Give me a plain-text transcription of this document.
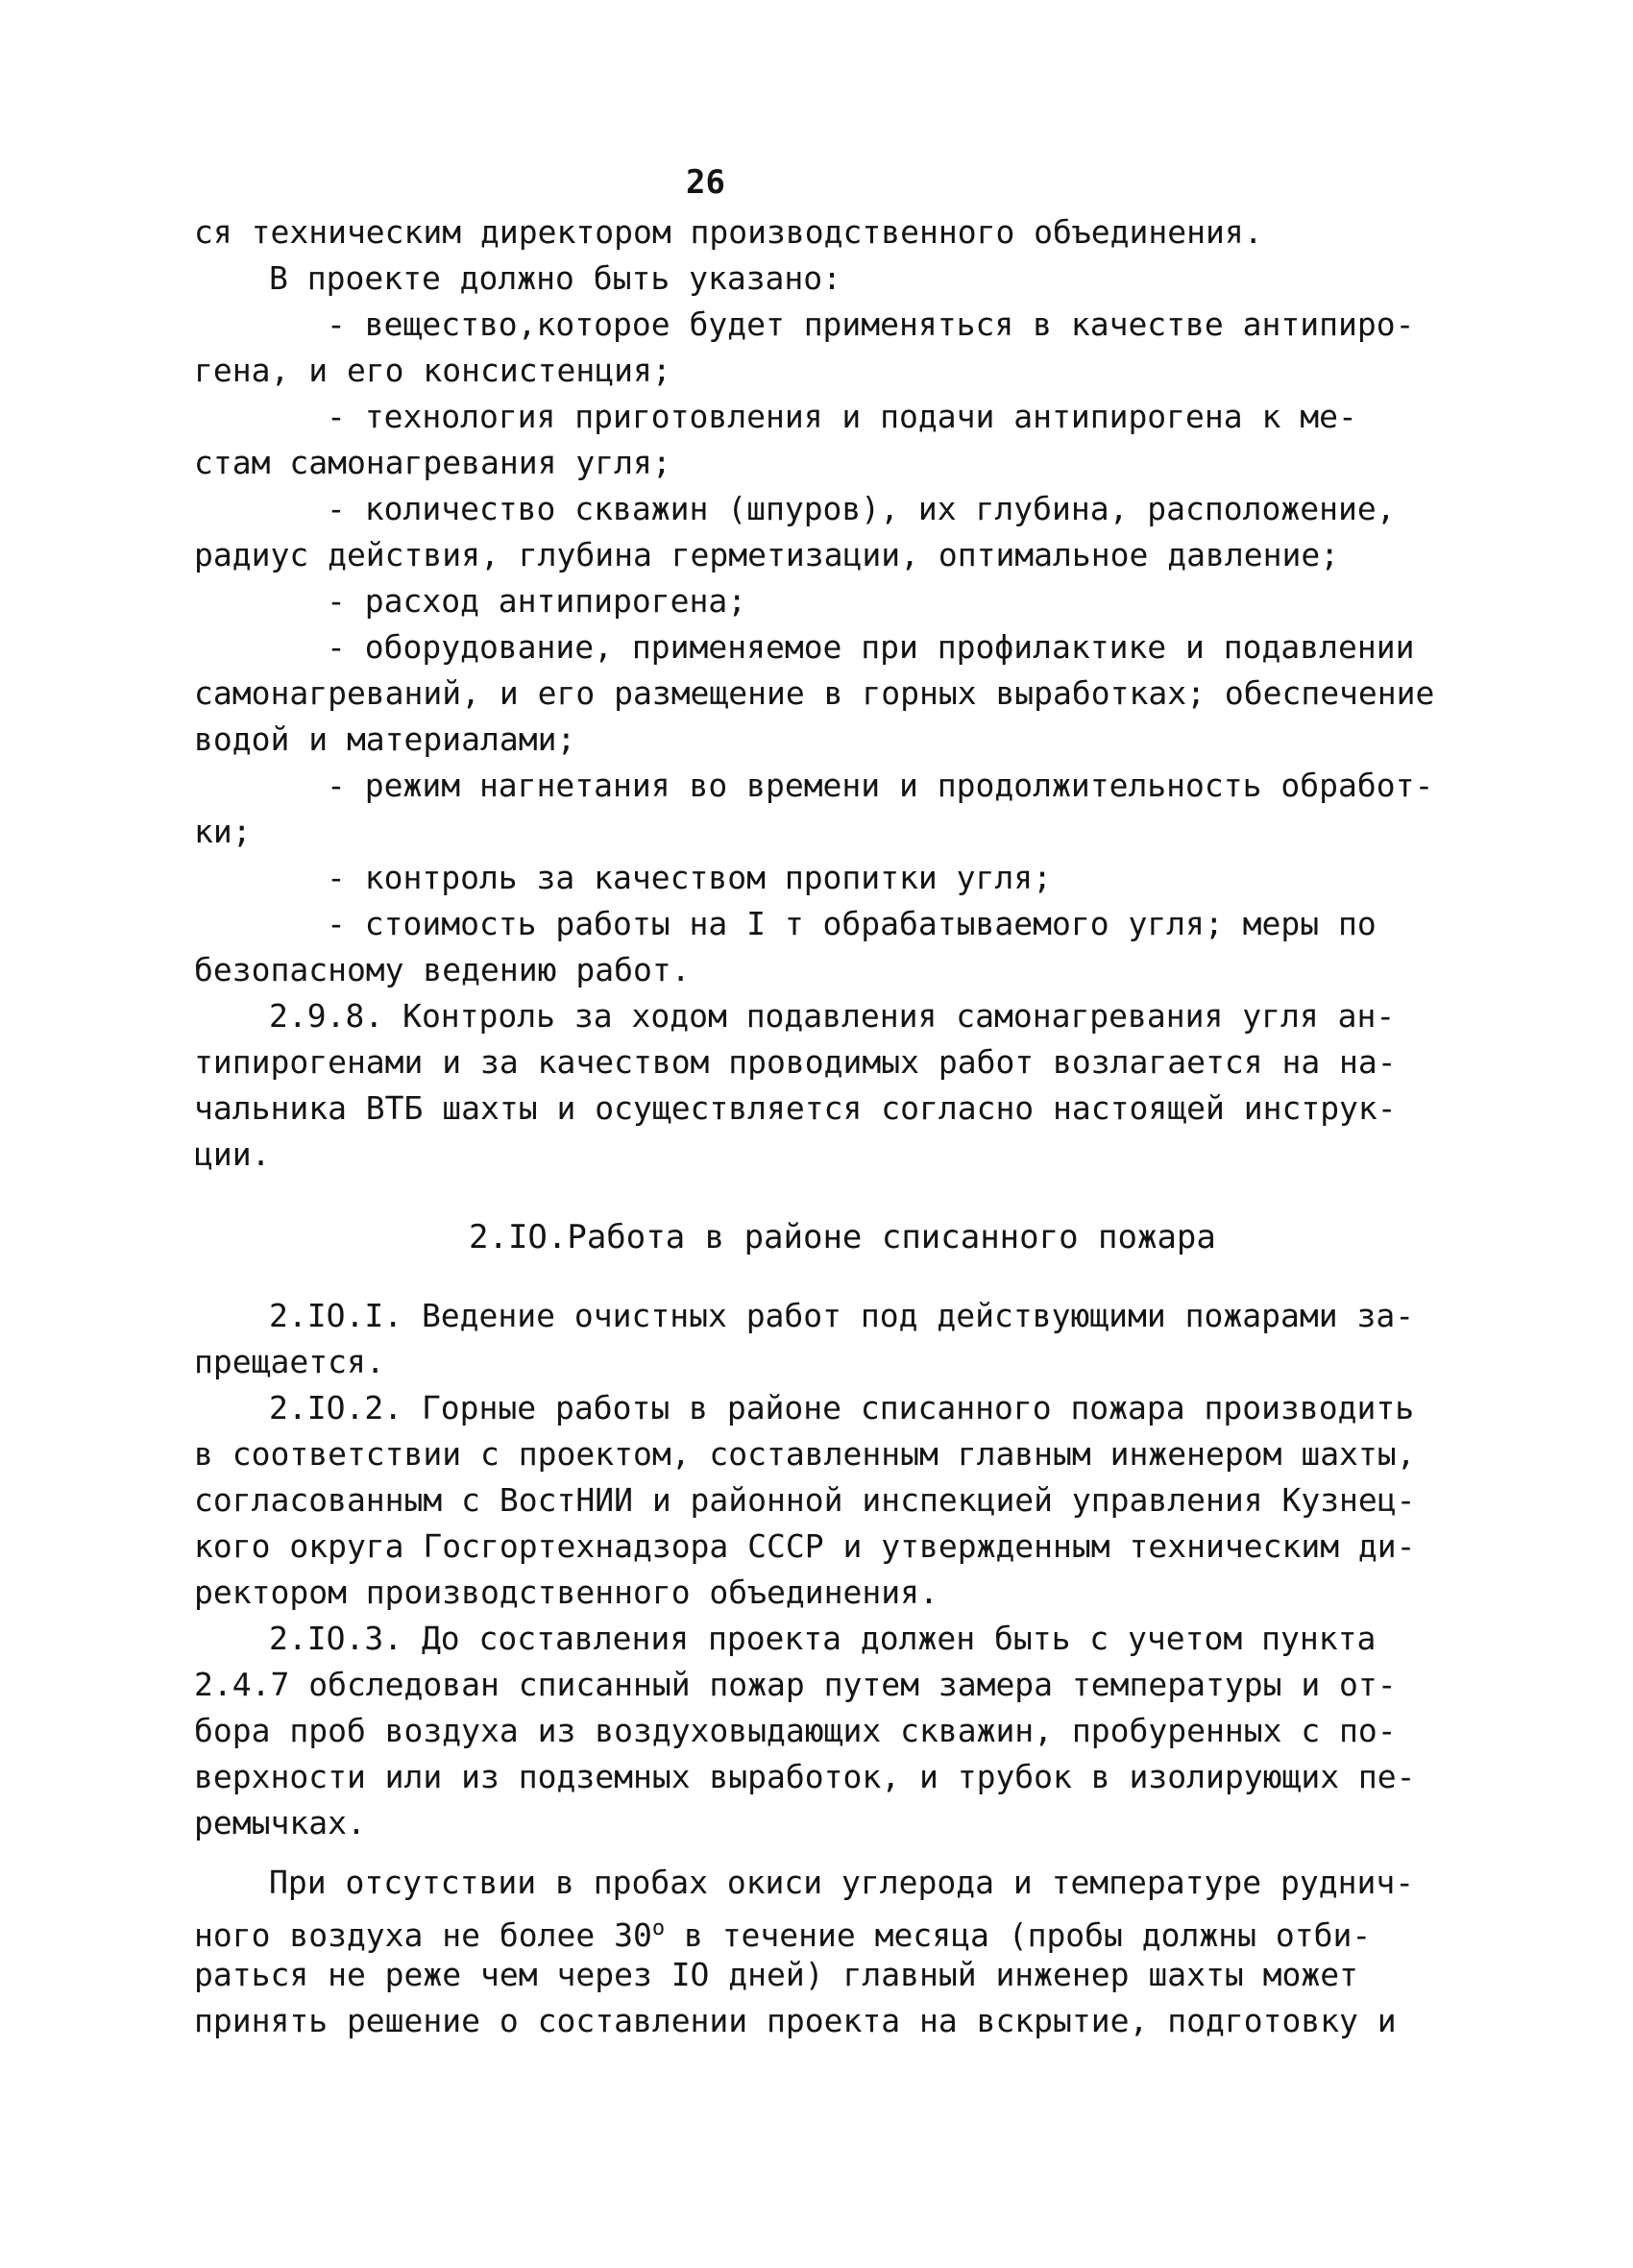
26
ся техническим директором производственного объединения.
В проекте должно быть указано:
- вещество,которое будет применяться в качестве антипиро-
гена, и его консистенция;
- технология приготовления и подачи антипирогена к ме-
стам самонагревания угля;
- количество скважин (шпуров), их глубина, расположение,
радиус действия, глубина герметизации, оптимальное давление;
- расход антипирогена;
- оборудование, применяемое при профилактике и подавлении
самонагреваний, и его размещение в горных выработках; обеспечение
водой и материалами;
- режим нагнетания во времени и продолжительность обработ-
ки;
- контроль за качеством пропитки угля;
- стоимость работы на I т обрабатываемого угля; меры по
безопасному ведению работ.
2.9.8. Контроль за ходом подавления самонагревания угля ан-
типирогенами и за качеством проводимых работ возлагается на на-
чальника ВТБ шахты и осуществляется согласно настоящей инструк-
ции.
2.IO.Работа в районе списанного пожара
2.IO.I. Ведение очистных работ под действующими пожарами за-
прещается.
2.IO.2. Горные работы в районе списанного пожара производить
в соответствии с проектом, составленным главным инженером шахты,
согласованным с ВостНИИ и районной инспекцией управления Кузнец-
кого округа Госгортехнадзора СССР и утвержденным техническим ди-
ректором производственного объединения.
2.IO.3. До составления проекта должен быть с учетом пункта
2.4.7 обследован списанный пожар путем замера температуры и от-
бора проб воздуха из воздуховыдающих скважин, пробуренных с по-
верхности или из подземных выработок, и трубок в изолирующих пе-
ремычках.
При отсутствии в пробах окиси углерода и температуре руднич-
ного воздуха не более $30^о$ в течение месяца (пробы должны отби-
раться не реже чем через IO дней) главный инженер шахты может
принять решение о составлении проекта на вскрытие, подготовку и
